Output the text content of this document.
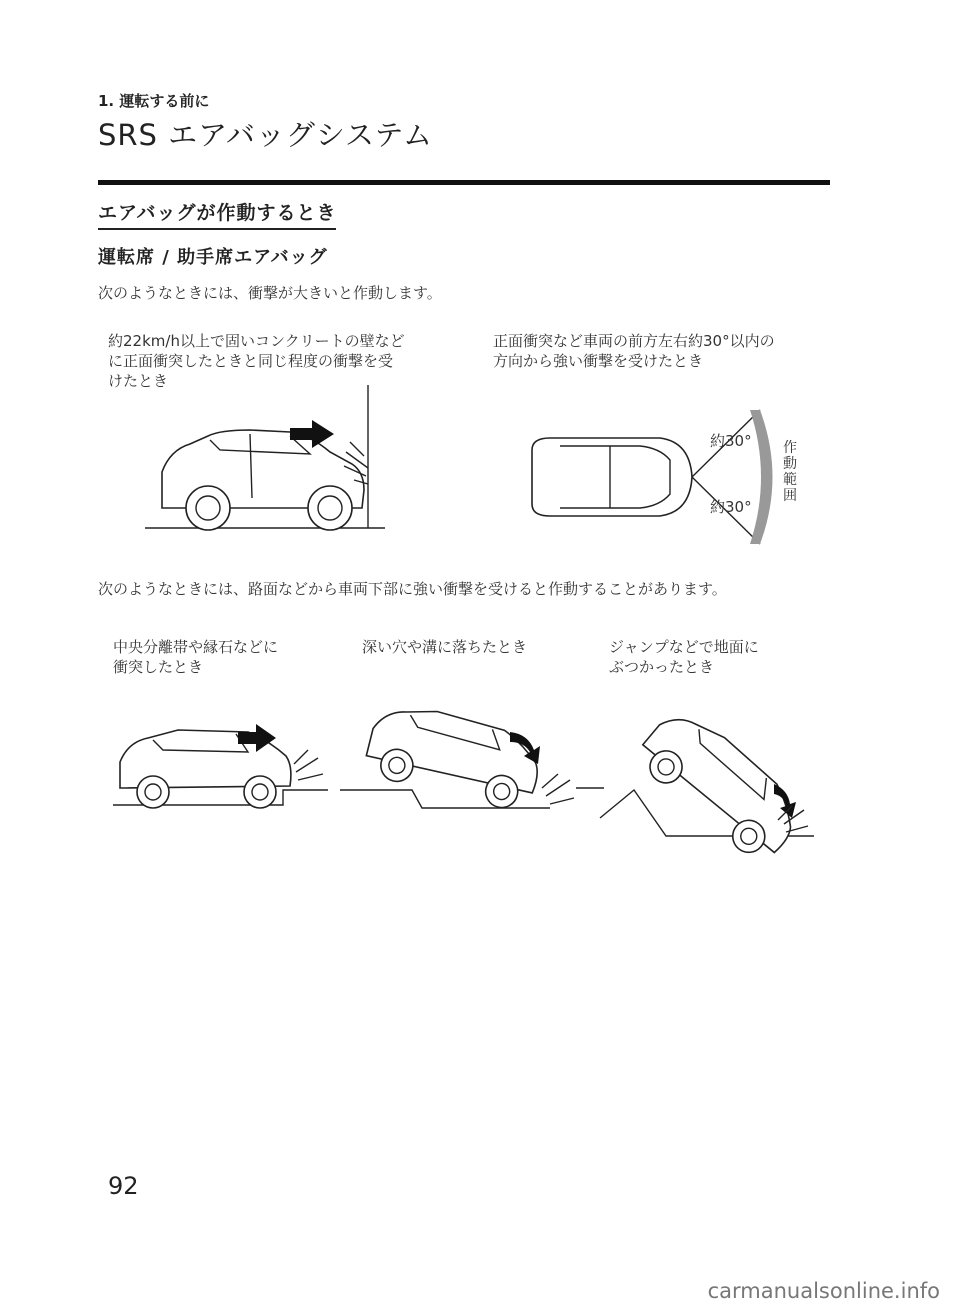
1. 運転する前に
SRS エアバッグシステム
エアバッグが作動するとき
運転席 / 助手席エアバッグ
次のようなときには、衝撃が大きいと作動します。
約22km/h以上で固いコンクリートの壁など
に正面衝突したときと同じ程度の衝撃を受
けたとき
正面衝突など車両の前方左右約30°以内の
方向から強い衝撃を受けたとき
約30°
約30°
作
動
範
囲
次のようなときには、路面などから車両下部に強い衝撃を受けると作動することがあります。
中央分離帯や縁石などに
衝突したとき
深い穴や溝に落ちたとき	ジャンプなどで地面に
ぶつかったとき
92
carmanualsonline.info
